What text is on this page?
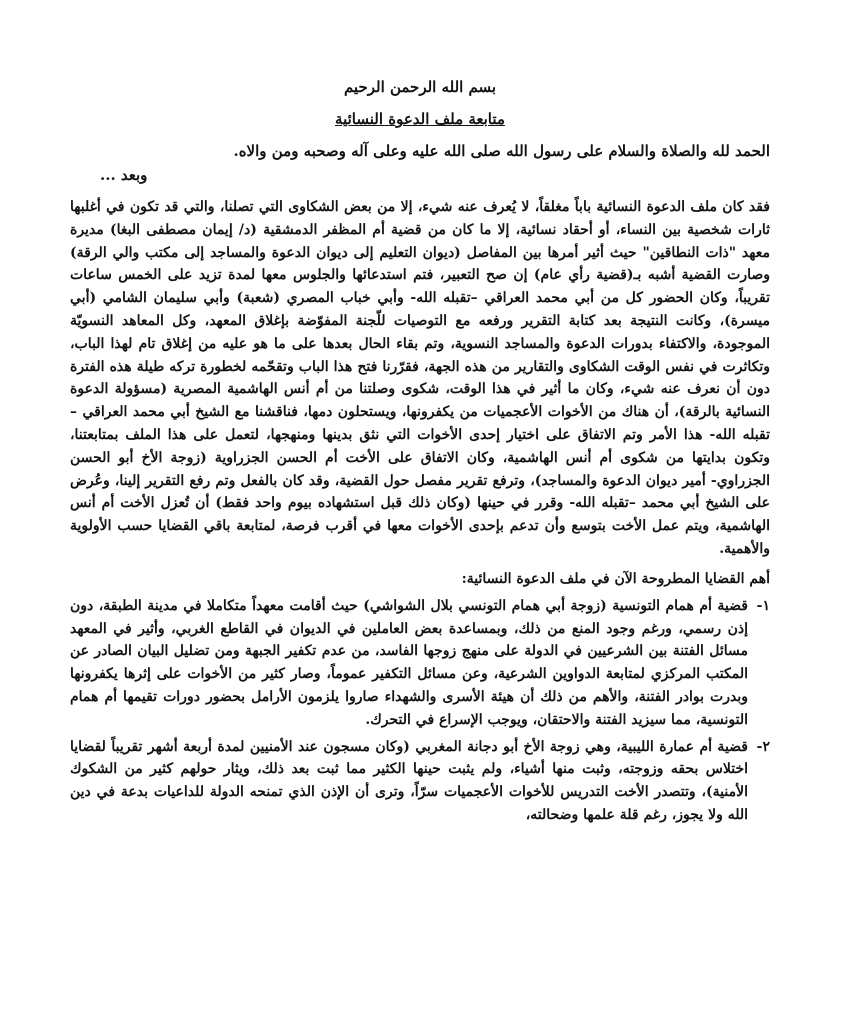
بسم الله الرحمن الرحيم

متابعة ملف الدعوة النسائية

الحمد لله والصلاة والسلام على رسول الله صلى الله عليه وعلى آله وصحبه ومن والاه.

وبعد ...

فقد كان ملف الدعوة النسائية باباً مغلقاً، لا يُعرف عنه شيء، إلا من بعض الشكاوى التي تصلنا، والتي قد تكون في أغلبها ثارات شخصية بين النساء، أو أحقاد نسائية، إلا ما كان من قضية أم المظفر الدمشقية (د/ إيمان مصطفى البغا) مديرة معهد "ذات النطاقين" حيث أثير أمرها بين المفاصل (ديوان التعليم إلى ديوان الدعوة والمساجد إلى مكتب والي الرقة) وصارت القضية أشبه بـ(قضية رأي عام) إن صح التعبير، فتم استدعائها والجلوس معها لمدة تزيد على الخمس ساعات تقريباً، وكان الحضور كل من أبي محمد العراقي –تقبله الله- وأبي خباب المصري (شعبة) وأبي سليمان الشامي (أبي ميسرة)، وكانت النتيجة بعد كتابة التقرير ورفعه مع التوصيات للّجنة المفوّضة بإغلاق المعهد، وكل المعاهد النسويّة الموجودة، والاكتفاء بدورات الدعوة والمساجد النسوية، وتم بقاء الحال بعدها على ما هو عليه من إغلاق تام لهذا الباب، وتكاثرت في نفس الوقت الشكاوى والتقارير من هذه الجهة، فقرّرنا فتح هذا الباب وتقحّمه لخطورة تركه طيلة هذه الفترة دون أن نعرف عنه شيء، وكان ما أثير في هذا الوقت، شكوى وصلتنا من أم أنس الهاشمية المصرية (مسؤولة الدعوة النسائية بالرقة)، أن هناك من الأخوات الأعجميات من يكفرونها، ويستحلون دمها، فناقشنا مع الشيخ أبي محمد العراقي –تقبله الله- هذا الأمر وتم الاتفاق على اختيار إحدى الأخوات التي نثق بدينها ومنهجها، لتعمل على هذا الملف بمتابعتنا، وتكون بدايتها من شكوى أم أنس الهاشمية، وكان الاتفاق على الأخت أم الحسن الجزراوية (زوجة الأخ أبو الحسن الجزراوي- أمير ديوان الدعوة والمساجد)، وترفع تقرير مفصل حول القضية، وقد كان بالفعل وتم رفع التقرير إلينا، وعُرض على الشيخ أبي محمد –تقبله الله- وقرر في حينها (وكان ذلك قبل استشهاده بيوم واحد فقط) أن تُعزل الأخت أم أنس الهاشمية، ويتم عمل الأخت بتوسع وأن تدعم بإحدى الأخوات معها في أقرب فرصة، لمتابعة باقي القضايا حسب الأولوية والأهمية.

أهم القضايا المطروحة الآن في ملف الدعوة النسائية:

١-
قضية أم همام التونسية (زوجة أبي همام التونسي بلال الشواشي) حيث أقامت معهداً متكاملا في مدينة الطبقة، دون إذن رسمي، ورغم وجود المنع من ذلك، وبمساعدة بعض العاملين في الديوان في القاطع الغربي، وأثير في المعهد مسائل الفتنة بين الشرعيين في الدولة على منهج زوجها الفاسد، من عدم تكفير الجبهة ومن تضليل البيان الصادر عن المكتب المركزي لمتابعة الدواوين الشرعية، وعن مسائل التكفير عموماً، وصار كثير من الأخوات على إثرها يكفرونها وبدرت بوادر الفتنة، والأهم من ذلك أن هيئة الأسرى والشهداء صاروا يلزمون الأرامل بحضور دورات تقيمها أم همام التونسية، مما سيزيد الفتنة والاحتقان، ويوجب الإسراع في التحرك.
٢-
قضية أم عمارة الليبية، وهي زوجة الأخ أبو دجانة المغربي (وكان مسجون عند الأمنيين لمدة أربعة أشهر تقريباً لقضايا اختلاس بحقه وزوجته، وثبت منها أشياء، ولم يثبت حينها الكثير مما ثبت بعد ذلك، ويثار حولهم كثير من الشكوك الأمنية)، وتتصدر الأخت التدريس للأخوات الأعجميات سرّاً، وترى أن الإذن الذي تمنحه الدولة للداعيات بدعة في دين الله ولا يجوز، رغم قلة علمها وضحالته،
